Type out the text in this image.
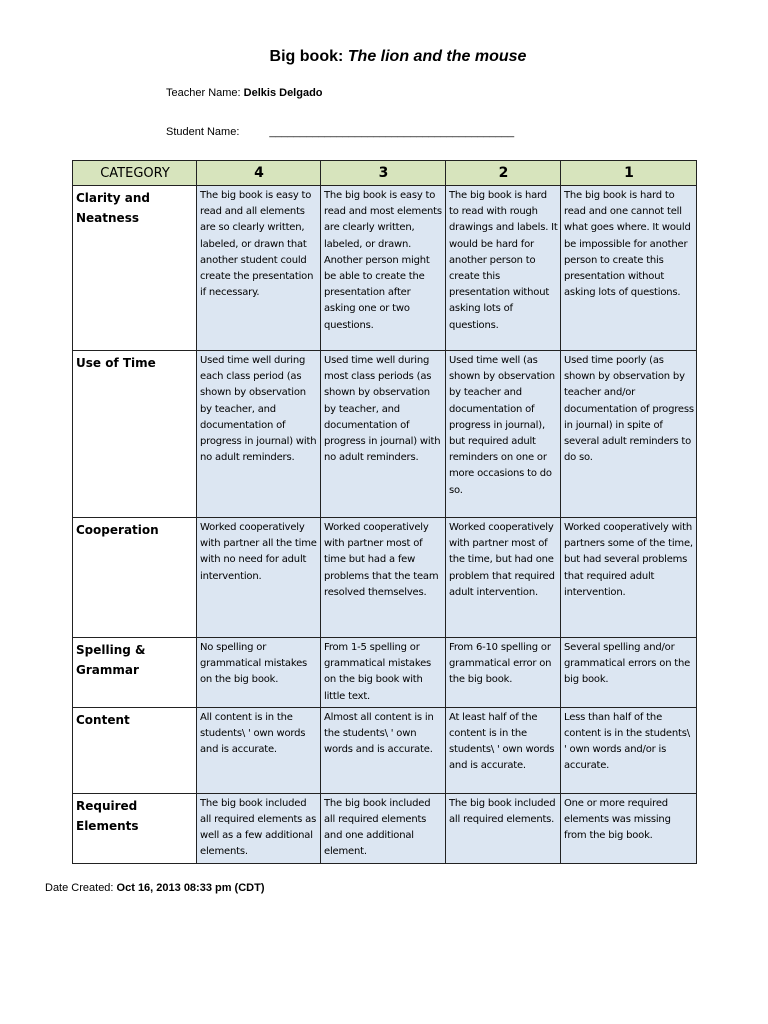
Big book: The lion and the mouse
Teacher Name: Delkis Delgado
Student Name:	________________________________________
CATEGORY	4	3	2	1
Clarity and Neatness	The big book is easy to read and all elements are so clearly written, labeled, or drawn that another student could create the presentation if necessary.	The big book is easy to read and most elements are clearly written, labeled, or drawn. Another person might be able to create the presentation after asking one or two questions.	The big book is hard to read with rough drawings and labels. It would be hard for another person to create this presentation without asking lots of questions.	The big book is hard to read and one cannot tell what goes where. It would be impossible for another person to create this presentation without asking lots of questions.
Use of Time	Used time well during each class period (as shown by observation by teacher, and documentation of progress in journal) with no adult reminders.	Used time well during most class periods (as shown by observation by teacher, and documentation of progress in journal) with no adult reminders.	Used time well (as shown by observation by teacher and documentation of progress in journal), but required adult reminders on one or more occasions to do so.	Used time poorly (as shown by observation by teacher and/or documentation of progress in journal) in spite of several adult reminders to do so.
Cooperation	Worked cooperatively with partner all the time with no need for adult intervention.	Worked cooperatively with partner most of time but had a few problems that the team resolved themselves.	Worked cooperatively with partner most of the time, but had one problem that required adult intervention.	Worked cooperatively with partners some of the time, but had several problems that required adult intervention.
Spelling & Grammar	No spelling or grammatical mistakes on the big book.	From 1-5 spelling or grammatical mistakes on the big book with little text.	From 6-10 spelling or grammatical error on the big book.	Several spelling and/or grammatical errors on the big book.
Content	All content is in the students\ ' own words and is accurate.	Almost all content is in the students\ ' own words and is accurate.	At least half of the content is in the students\ ' own words and is accurate.	Less than half of the content is in the students\ ' own words and/or is accurate.
Required Elements	The big book included all required elements as well as a few additional elements.	The big book included all required elements and one additional element.	The big book included all required elements.	One or more required elements was missing from the big book.
Date Created: Oct 16, 2013 08:33 pm (CDT)
